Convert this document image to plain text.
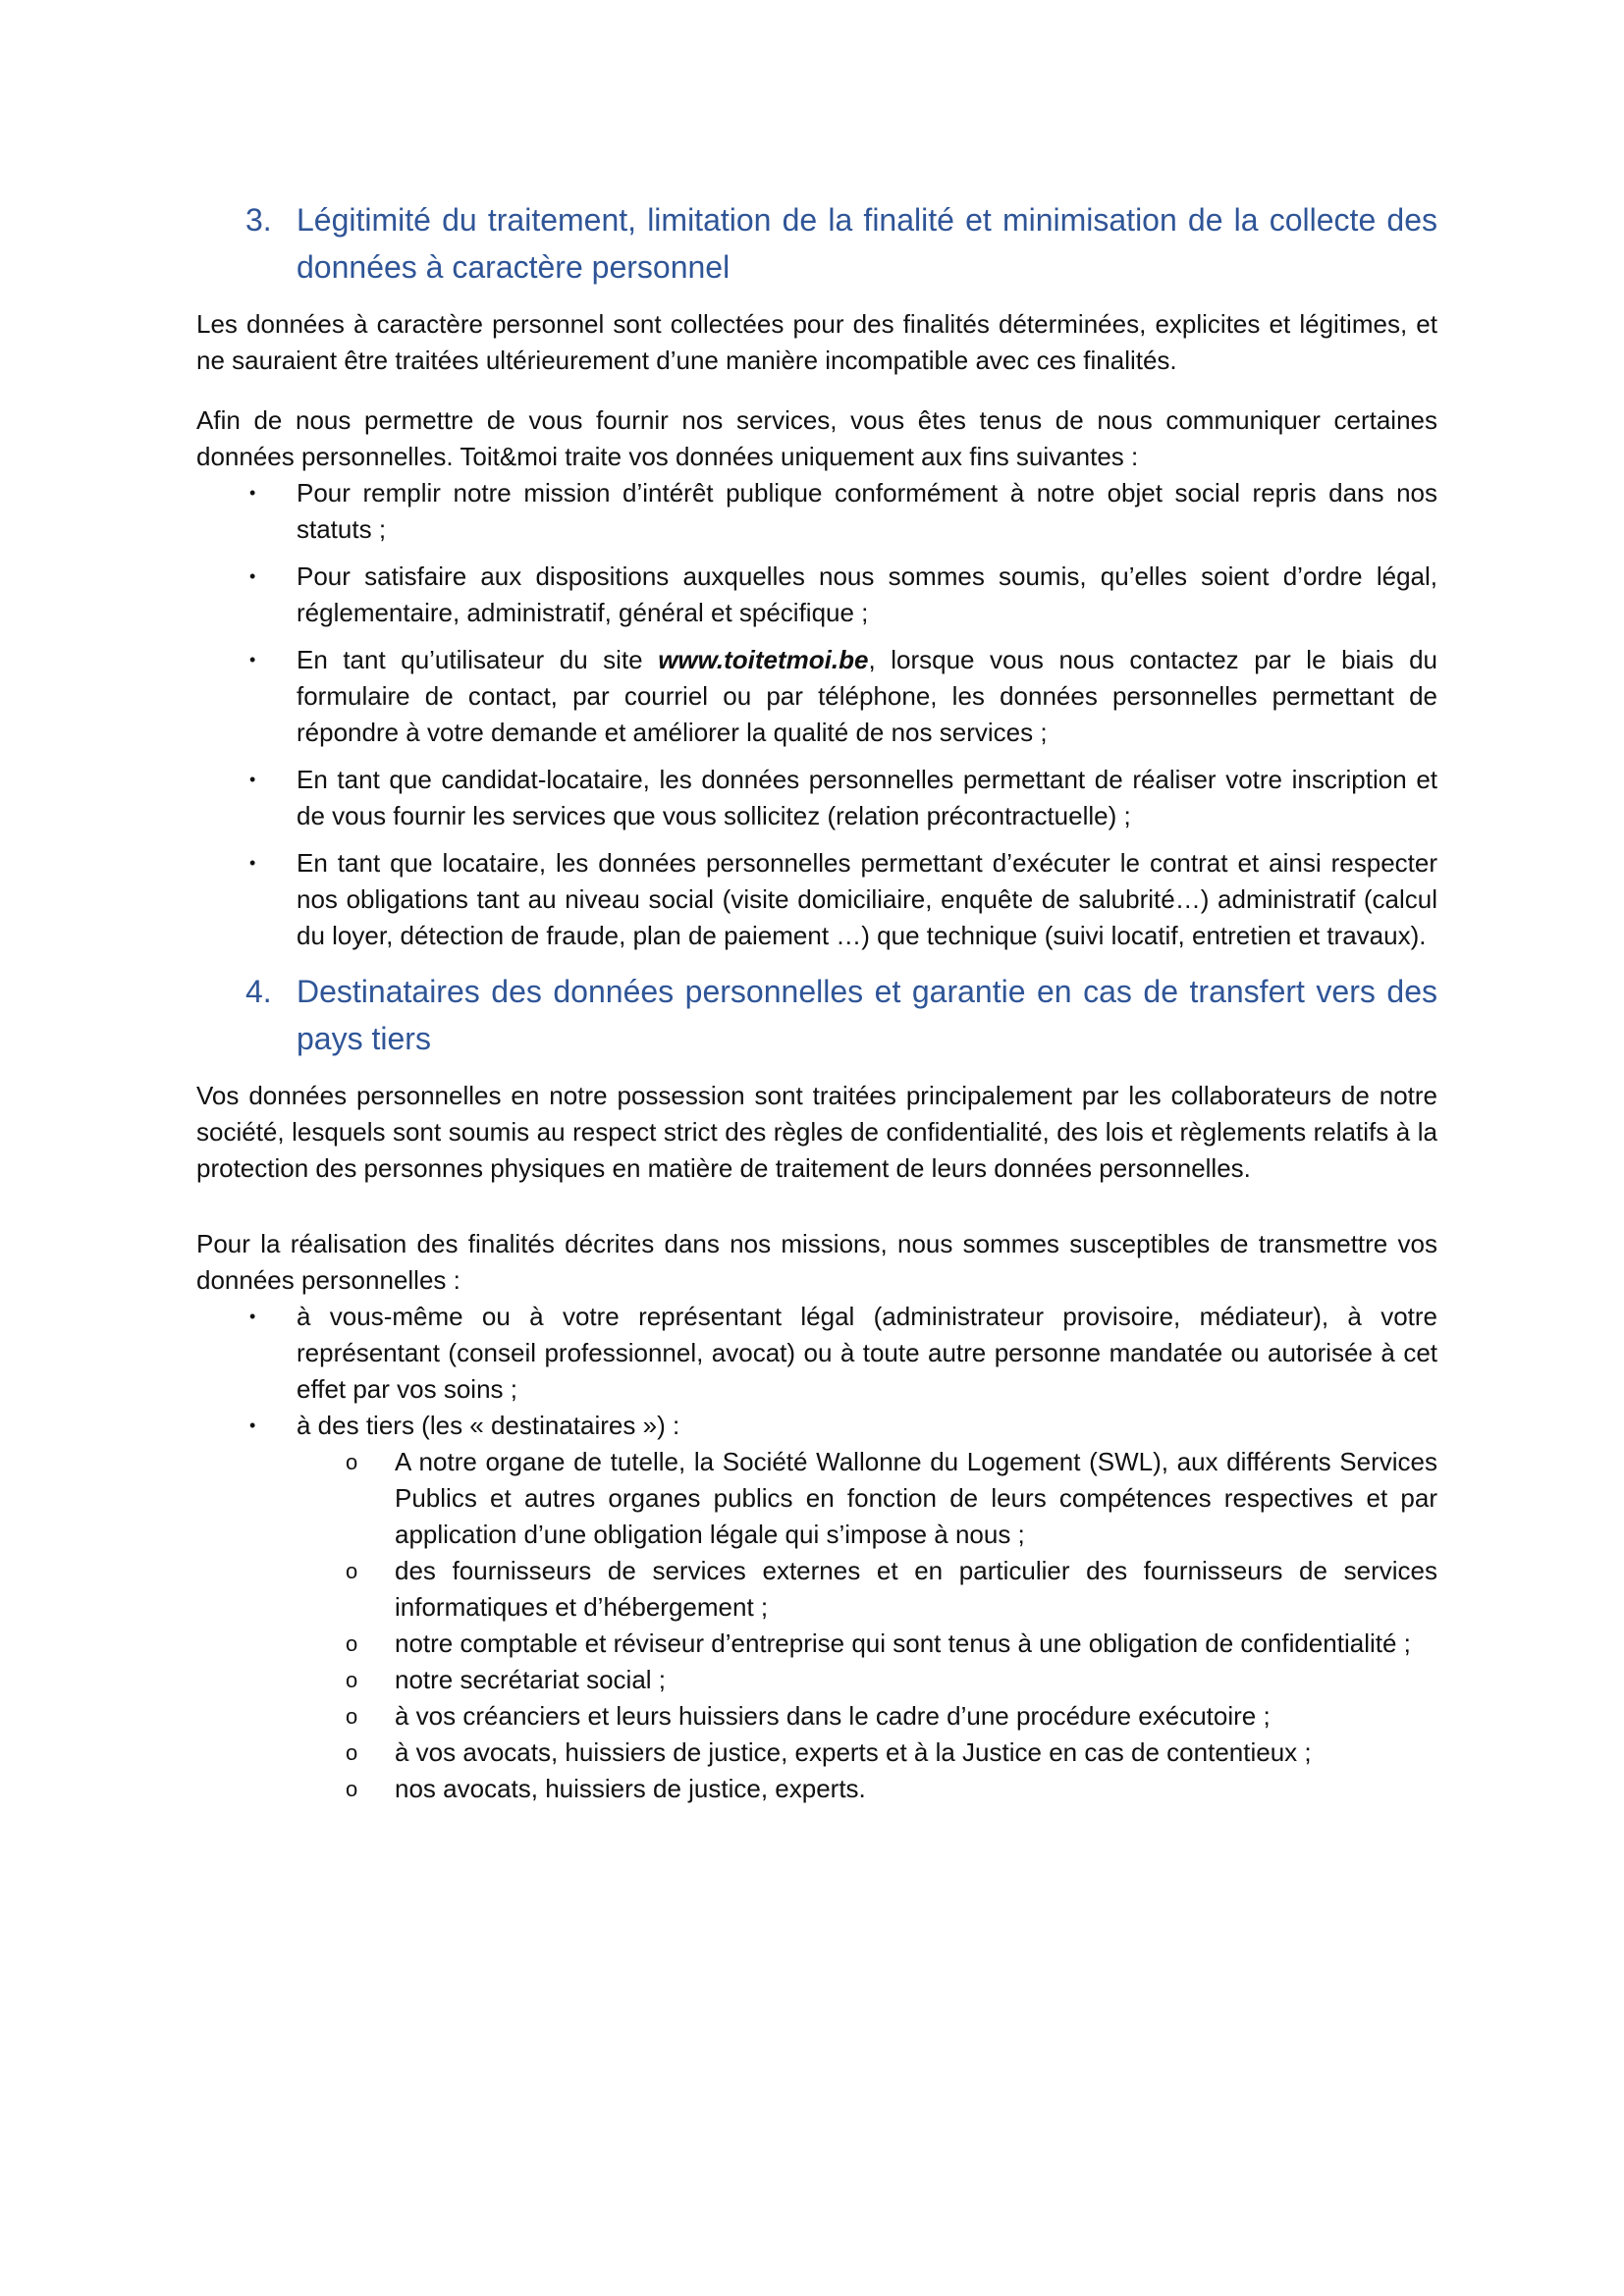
3. Légitimité du traitement, limitation de la finalité et minimisation de la collecte des données à caractère personnel

Les données à caractère personnel sont collectées pour des finalités déterminées, explicites et légitimes, et ne sauraient être traitées ultérieurement d’une manière incompatible avec ces finalités.

Afin de nous permettre de vous fournir nos services, vous êtes tenus de nous communiquer certaines données personnelles. Toit&moi traite vos données uniquement aux fins suivantes :

•	Pour remplir notre mission d’intérêt publique conformément à notre objet social repris dans nos statuts ;
•	Pour satisfaire aux dispositions auxquelles nous sommes soumis, qu’elles soient d’ordre légal, réglementaire, administratif, général et spécifique ;
•	En tant qu’utilisateur du site www.toitetmoi.be, lorsque vous nous contactez par le biais du formulaire de contact, par courriel ou par téléphone, les données personnelles permettant de répondre à votre demande et améliorer la qualité de nos services ;
•	En tant que candidat-locataire, les données personnelles permettant de réaliser votre inscription et de vous fournir les services que vous sollicitez (relation précontractuelle) ;
•	En tant que locataire, les données personnelles permettant d’exécuter le contrat et ainsi respecter nos obligations tant au niveau social (visite domiciliaire, enquête de salubrité…) administratif (calcul du loyer, détection de fraude, plan de paiement …) que technique (suivi locatif, entretien et travaux).
4. Destinataires des données personnelles et garantie en cas de transfert vers des pays tiers

Vos données personnelles en notre possession sont traitées principalement par les collaborateurs de notre société, lesquels sont soumis au respect strict des règles de confidentialité, des lois et règlements relatifs à la protection des personnes physiques en matière de traitement de leurs données personnelles.

Pour la réalisation des finalités décrites dans nos missions, nous sommes susceptibles de transmettre vos données personnelles :

•	à vous-même ou à votre représentant légal (administrateur provisoire, médiateur), à votre représentant (conseil professionnel, avocat) ou à toute autre personne mandatée ou autorisée à cet effet par vos soins ;
•	à des tiers (les « destinataires ») :
o	A notre organe de tutelle, la Société Wallonne du Logement (SWL), aux différents Services Publics et autres organes publics en fonction de leurs compétences respectives et par application d’une obligation légale qui s’impose à nous ;
o	des fournisseurs de services externes et en particulier des fournisseurs de services informatiques et d’hébergement ;
o	notre comptable et réviseur d’entreprise qui sont tenus à une obligation de confidentialité ;
o	notre secrétariat social ;
o	à vos créanciers et leurs huissiers dans le cadre d’une procédure exécutoire ;
o	à vos avocats, huissiers de justice, experts et à la Justice en cas de contentieux ;
o	nos avocats, huissiers de justice, experts.
